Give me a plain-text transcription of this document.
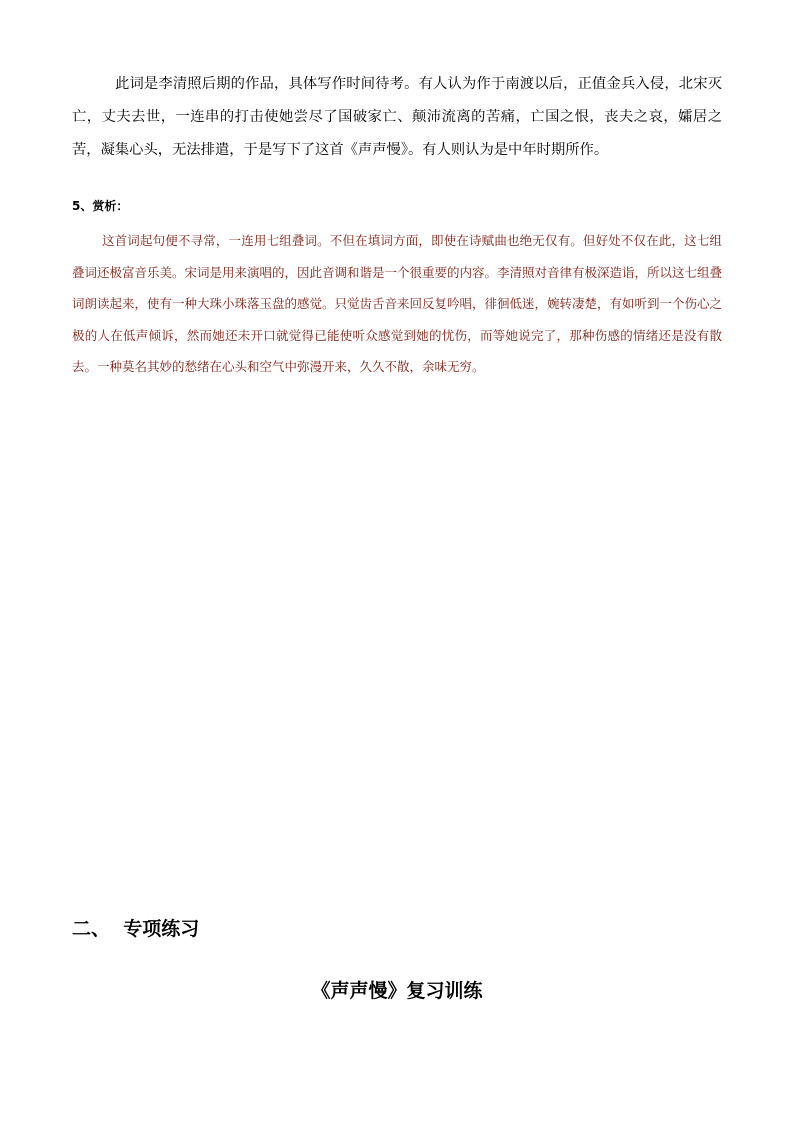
此词是李清照后期的作品，具体写作时间待考。有人认为作于南渡以后，正值金兵入侵，北宋灭亡，丈夫去世，一连串的打击使她尝尽了国破家亡、颠沛流离的苦痛，亡国之恨，丧夫之哀，孀居之苦，凝集心头，无法排遣，于是写下了这首《声声慢》。有人则认为是中年时期所作。

5、赏析：

这首词起句便不寻常，一连用七组叠词。不但在填词方面，即使在诗赋曲也绝无仅有。但好处不仅在此，这七组叠词还极富音乐美。宋词是用来演唱的，因此音调和谐是一个很重要的内容。李清照对音律有极深造诣，所以这七组叠词朗读起来，使有一种大珠小珠落玉盘的感觉。只觉齿舌音来回反复吟唱，徘徊低迷，婉转凄楚，有如听到一个伤心之极的人在低声倾诉，然而她还未开口就觉得已能使听众感觉到她的忧伤，而等她说完了，那种伤感的情绪还是没有散去。一种莫名其妙的愁绪在心头和空气中弥漫开来，久久不散，余味无穷。

二、  专项练习

《声声慢》复习训练
